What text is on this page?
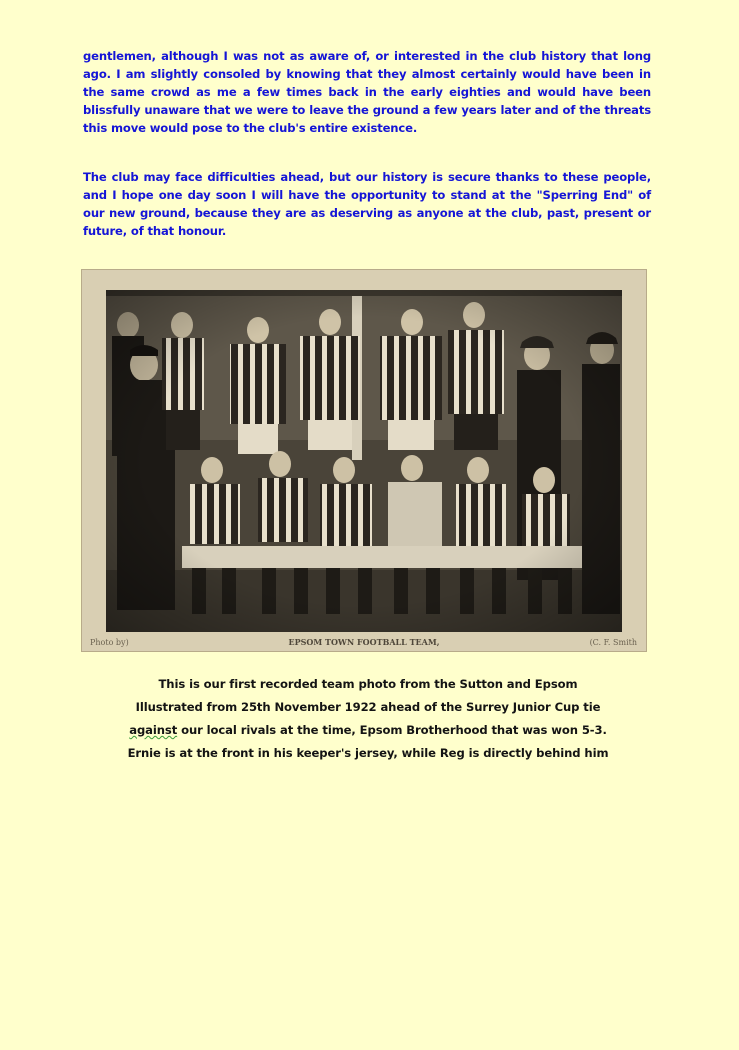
gentlemen, although I was not as aware of, or interested in the club history that long ago. I am slightly consoled by knowing that they almost certainly would have been in the same crowd as me a few times back in the early eighties and would have been blissfully unaware that we were to leave the ground a few years later and of the threats this move would pose to the club's entire existence.

The club may face difficulties ahead, but our history is secure thanks to these people, and I hope one day soon I will have the opportunity to stand at the "Sperring End" of our new ground, because they are as deserving as anyone at the club, past, present or future, of that honour.

Photo by)	EPSOM TOWN FOOTBALL TEAM,	(C. F. Smith

This is our first recorded team photo from the Sutton and Epsom
Illustrated from 25th November 1922 ahead of the Surrey Junior Cup tie
against our local rivals at the time, Epsom Brotherhood that was won 5-3.
Ernie is at the front in his keeper's jersey, while Reg is directly behind him
